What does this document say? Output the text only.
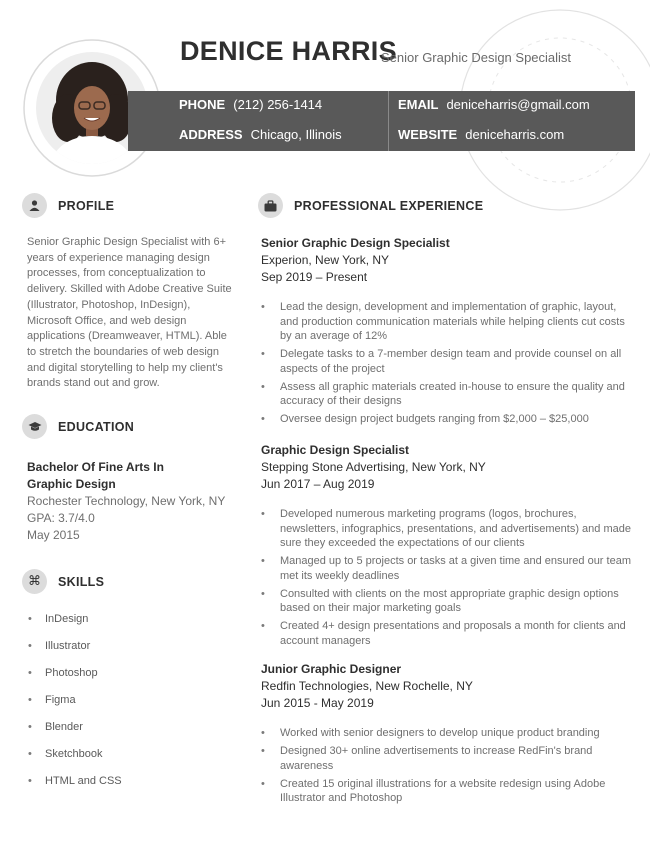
DENICE HARRIS
Senior Graphic Design Specialist
PHONE (212) 256-1414	EMAIL deniceharris@gmail.com
ADDRESS Chicago, Illinois	WEBSITE deniceharris.com
PROFILE
Senior Graphic Design Specialist with 6+ years of experience managing design processes, from conceptualization to delivery. Skilled with Adobe Creative Suite (Illustrator, Photoshop, InDesign), Microsoft Office, and web design applications (Dreamweaver, HTML). Able to stretch the boundaries of web design and digital storytelling to help my client's brands stand out and grow.
EDUCATION
Bachelor Of Fine Arts In
Graphic Design
Rochester Technology, New York, NY
GPA: 3.7/4.0
May 2015
⌘ SKILLS
• InDesign
• Illustrator
• Photoshop
• Figma
• Blender
• Sketchbook
• HTML and CSS
PROFESSIONAL EXPERIENCE
Senior Graphic Design Specialist
Experion, New York, NY
Sep 2019 – Present
• Lead the design, development and implementation of graphic, layout, and production communication materials while helping clients cut costs by an average of 12%
• Delegate tasks to a 7-member design team and provide counsel on all aspects of the project
• Assess all graphic materials created in-house to ensure the quality and accuracy of their designs
• Oversee design project budgets ranging from $2,000 – $25,000
Graphic Design Specialist
Stepping Stone Advertising, New York, NY
Jun 2017 – Aug 2019
• Developed numerous marketing programs (logos, brochures, newsletters, infographics, presentations, and advertisements) and made sure they exceeded the expectations of our clients
• Managed up to 5 projects or tasks at a given time and ensured our team met its weekly deadlines
• Consulted with clients on the most appropriate graphic design options based on their major marketing goals
• Created 4+ design presentations and proposals a month for clients and account managers
Junior Graphic Designer
Redfin Technologies, New Rochelle, NY
Jun 2015 - May 2019
• Worked with senior designers to develop unique product branding
• Designed 30+ online advertisements to increase RedFin's brand awareness
• Created 15 original illustrations for a website redesign using Adobe Illustrator and Photoshop
